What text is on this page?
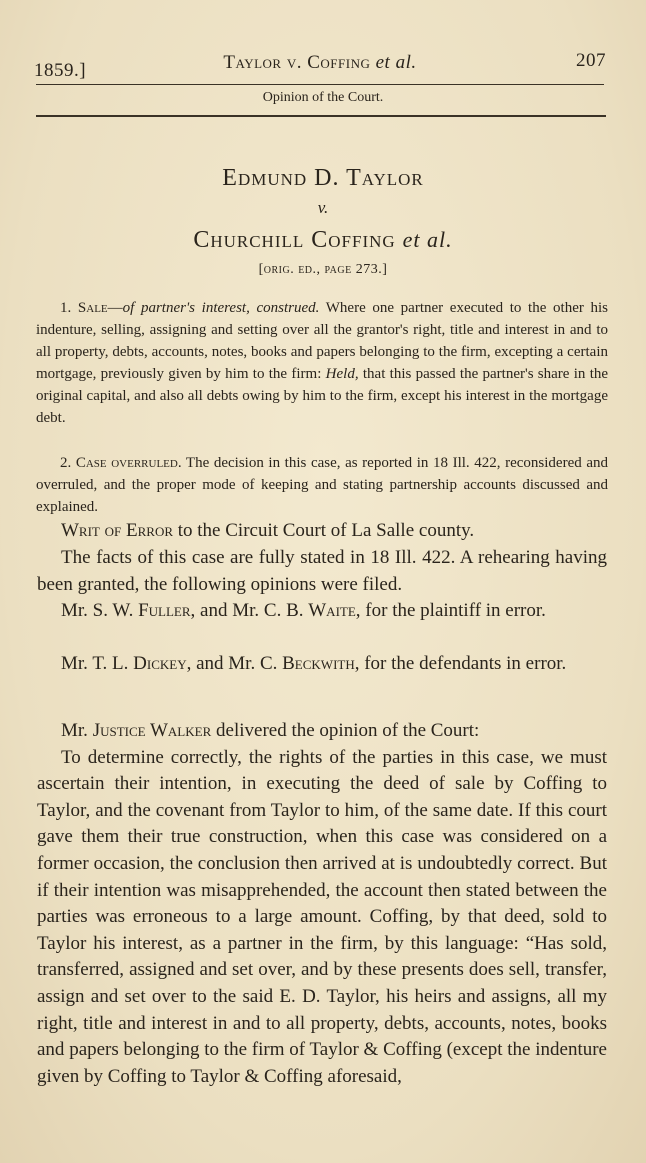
1859.]	Taylor v. Coffing et al.	207
Opinion of the Court.
Edmund D. Taylor
v.
Churchill Coffing et al.
[orig. ed., page 273.]
1. Sale—of partner's interest, construed. Where one partner executed to the other his indenture, selling, assigning and setting over all the grantor's right, title and interest in and to all property, debts, accounts, notes, books and papers belonging to the firm, excepting a certain mortgage, previously given by him to the firm: Held, that this passed the partner's share in the original capital, and also all debts owing by him to the firm, except his interest in the mortgage debt.
2. Case overruled. The decision in this case, as reported in 18 Ill. 422, reconsidered and overruled, and the proper mode of keeping and stating partnership accounts discussed and explained.
Writ of Error to the Circuit Court of La Salle county.
The facts of this case are fully stated in 18 Ill. 422. A rehearing having been granted, the following opinions were filed.
Mr. S. W. Fuller, and Mr. C. B. Waite, for the plaintiff in error.
Mr. T. L. Dickey, and Mr. C. Beckwith, for the defendants in error.
Mr. Justice Walker delivered the opinion of the Court:
To determine correctly, the rights of the parties in this case, we must ascertain their intention, in executing the deed of sale by Coffing to Taylor, and the covenant from Taylor to him, of the same date. If this court gave them their true construction, when this case was considered on a former occasion, the conclusion then arrived at is undoubtedly correct. But if their intention was misapprehended, the account then stated between the parties was erroneous to a large amount. Coffing, by that deed, sold to Taylor his interest, as a partner in the firm, by this language: “Has sold, transferred, assigned and set over, and by these presents does sell, transfer, assign and set over to the said E. D. Taylor, his heirs and assigns, all my right, title and interest in and to all property, debts, accounts, notes, books and papers belonging to the firm of Taylor & Coffing (except the indenture given by Coffing to Taylor & Coffing aforesaid,
